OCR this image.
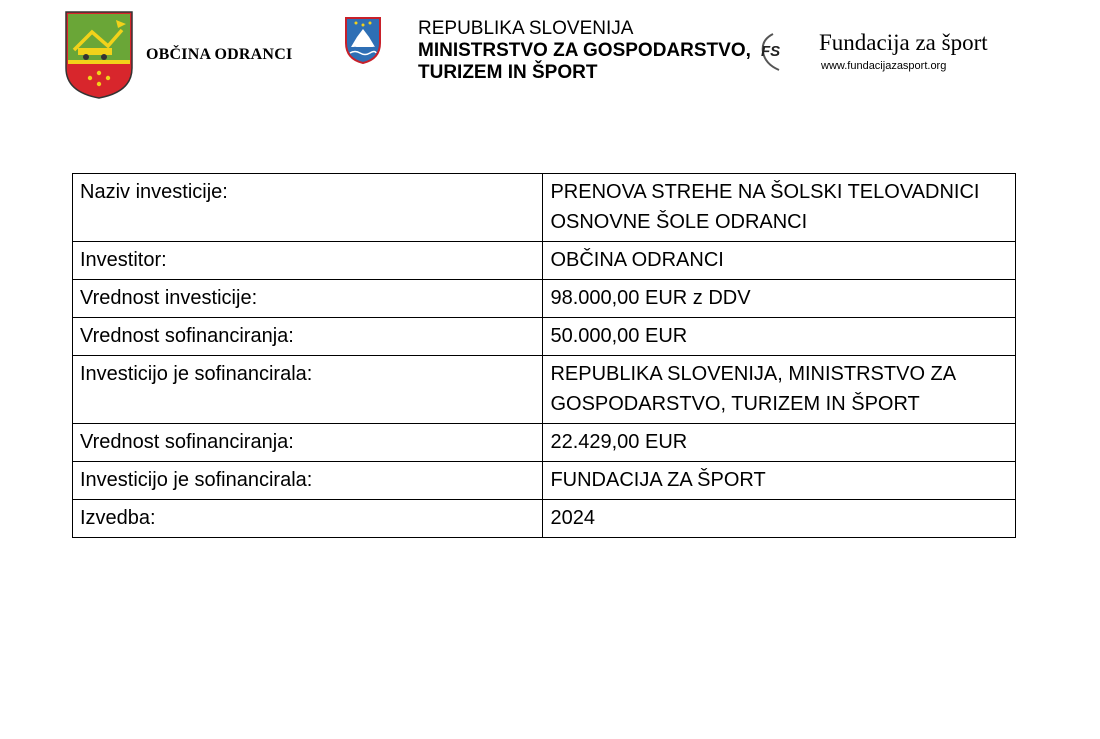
OBČINA ODRANCI
REPUBLIKA SLOVENIJA
MINISTRSTVO ZA GOSPODARSTVO,
TURIZEM IN ŠPORT
FS Fundacija za šport
www.fundacijazasport.org
Naziv investicije:	PRENOVA STREHE NA ŠOLSKI TELOVADNICI OSNOVNE ŠOLE ODRANCI
Investitor:	OBČINA ODRANCI
Vrednost investicije:	98.000,00 EUR z DDV
Vrednost sofinanciranja:	50.000,00 EUR
Investicijo je sofinancirala:	REPUBLIKA SLOVENIJA, MINISTRSTVO ZA GOSPODARSTVO, TURIZEM IN ŠPORT
Vrednost sofinanciranja:	22.429,00 EUR
Investicijo je sofinancirala:	FUNDACIJA ZA ŠPORT
Izvedba:	2024
